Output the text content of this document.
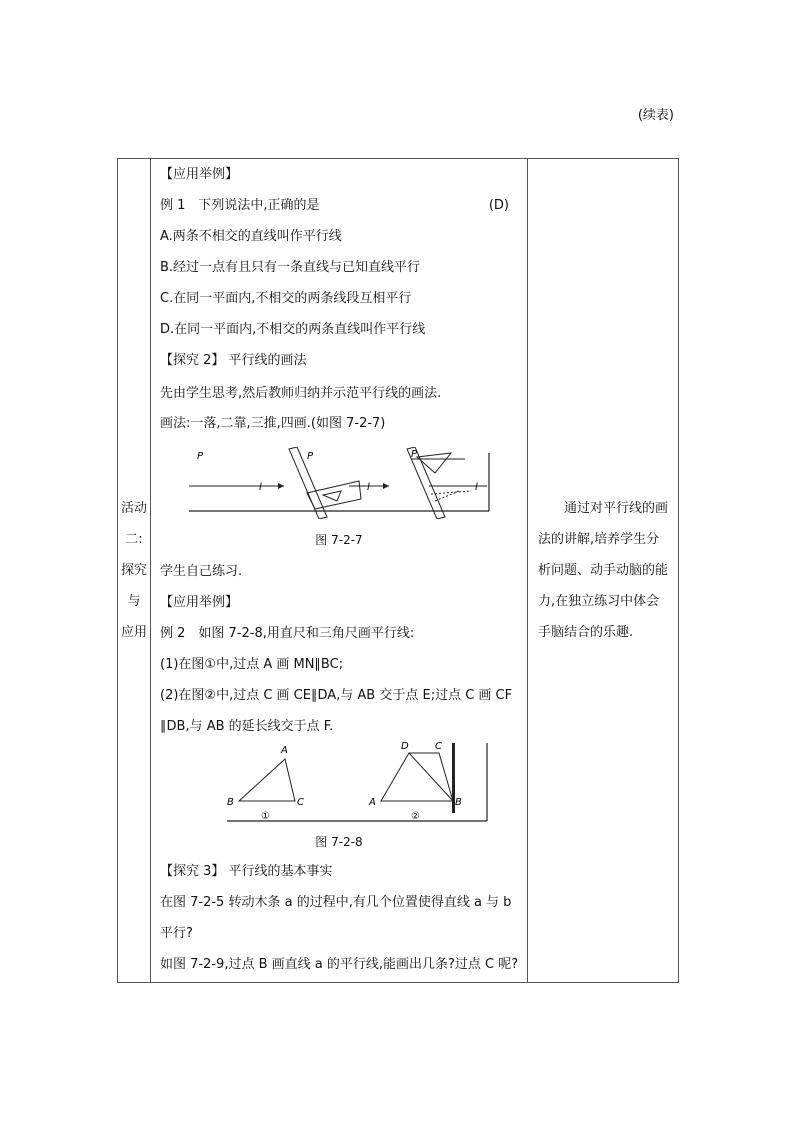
(续表)
活动
二:
探究
与
应用

【应用举例】
例 1　下列说法中,正确的是	(D)
A.两条不相交的直线叫作平行线
B.经过一点有且只有一条直线与已知直线平行
C.在同一平面内,不相交的两条线段互相平行
D.在同一平面内,不相交的两条直线叫作平行线
【探究 2】 平行线的画法
先由学生思考,然后教师归纳并示范平行线的画法.
画法:一落,二靠,三推,四画.(如图 7-2-7)
P	P	P
l	l	l
图 7-2-7
学生自己练习.
【应用举例】
例 2　如图 7-2-8,用直尺和三角尺画平行线:
(1)在图①中,过点 A 画 MN∥BC;
(2)在图②中,过点 C 画 CE∥DA,与 AB 交于点 E;过点 C 画 CF
∥DB,与 AB 的延长线交于点 F.
A
B	C
D	C
A	B
①	②
图 7-2-8
【探究 3】 平行线的基本事实
在图 7-2-5 转动木条 a 的过程中,有几个位置使得直线 a 与 b
平行?
如图 7-2-9,过点 B 画直线 a 的平行线,能画出几条?过点 C 呢?

通过对平行线的画法的讲解,培养学生分析问题、动手动脑的能力,在独立练习中体会手脑结合的乐趣.
